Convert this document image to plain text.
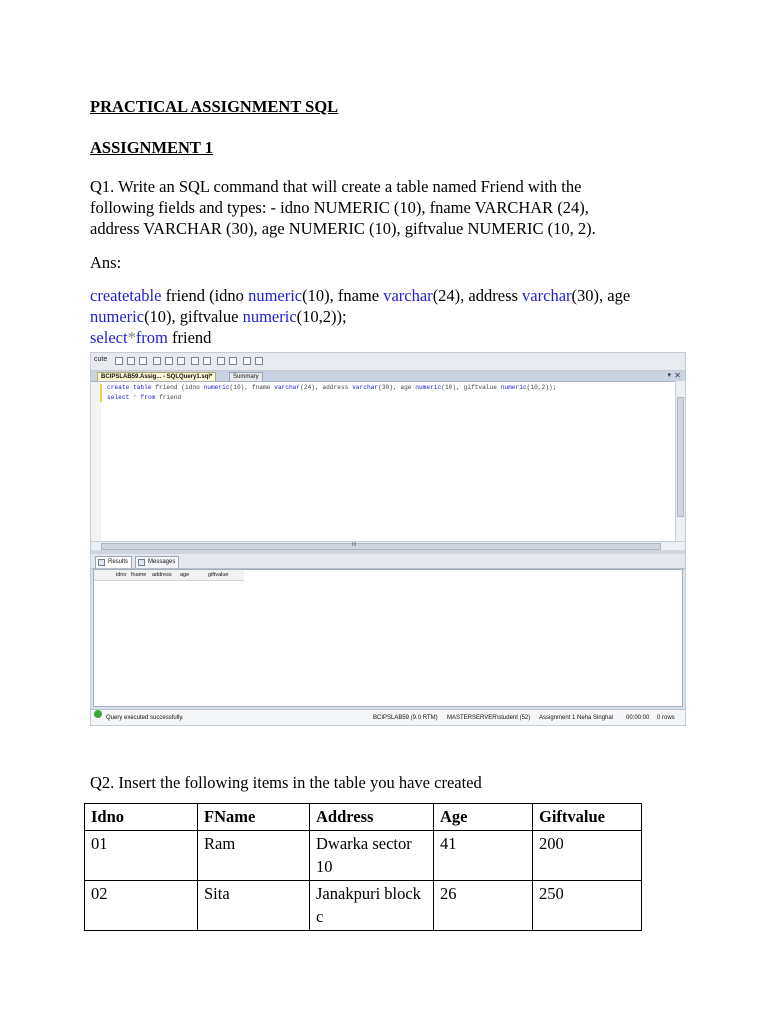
PRACTICAL ASSIGNMENT SQL
ASSIGNMENT 1
Q1. Write an SQL command that will create a table named Friend with the
following fields and types: - idno NUMERIC (10), fname VARCHAR (24),
address VARCHAR (30), age NUMERIC (10), giftvalue NUMERIC (10, 2).
Ans:
createtable friend (idno numeric(10), fname varchar(24), address varchar(30), age
numeric(10), giftvalue numeric(10,2));
select*from friend
cute
BCIPSLAB59.Assig... - SQLQuery1.sql*	Summary	▾ ✕
create table friend (idno numeric(10), fname varchar(24), address varchar(30), age numeric(10), giftvalue numeric(10,2));
select * from friend
III
Results	Messages
idno fname address age	giftvalue
Query executed successfully.	BCIPSLAB59 (9.0 RTM) MASTERSERVER\student (52) Assignment 1 Neha Singhal 00:00:00 0 rows
Q2. Insert the following items in the table you have created
Idno	FName	Address	Age	Giftvalue
01	Ram	Dwarka sector 10	41	200
02	Sita	Janakpuri block c	26	250
